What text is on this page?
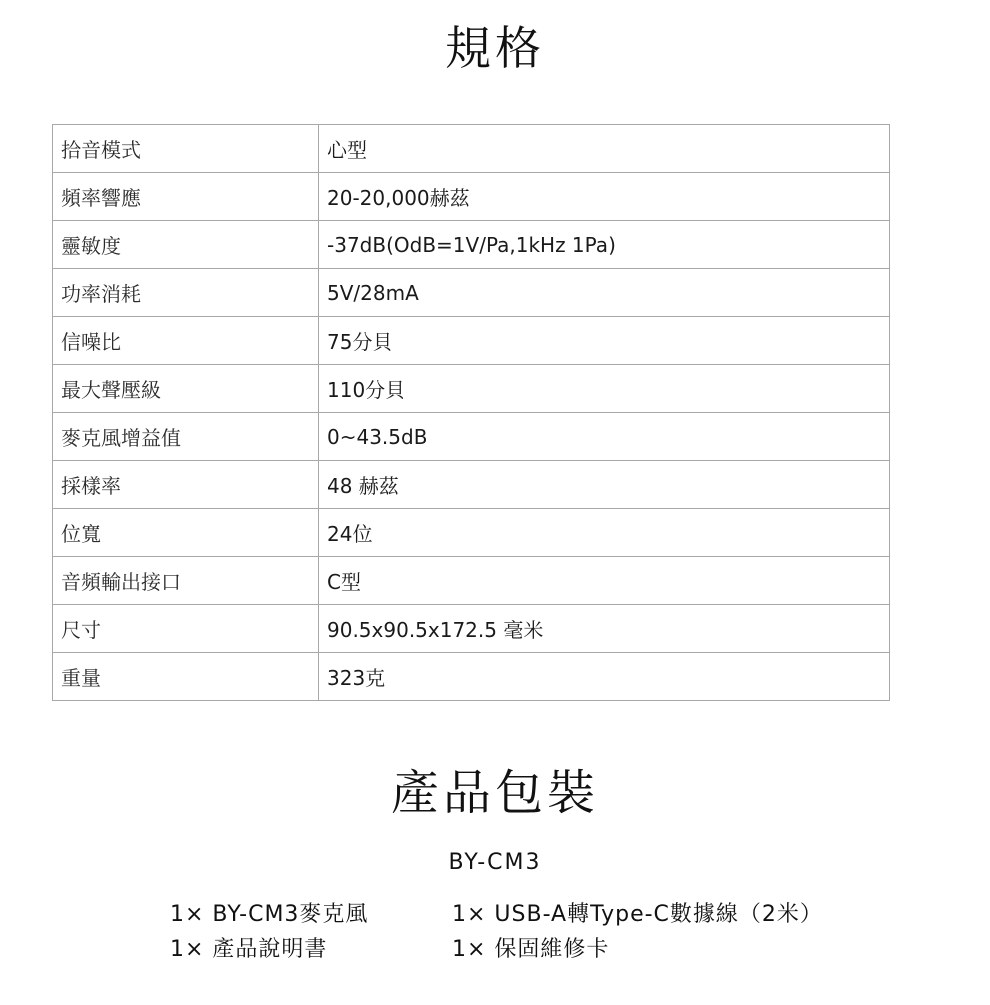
規格
拾音模式	心型
頻率響應	20-20,000赫茲
靈敏度	-37dB(OdB=1V/Pa,1kHz 1Pa)
功率消耗	5V/28mA
信噪比	75分貝
最大聲壓級	110分貝
麥克風增益值	0~43.5dB
採樣率	48 赫茲
位寬	24位
音頻輸出接口	C型
尺寸	90.5x90.5x172.5 毫米
重量	323克
產品包裝
BY-CM3
1× BY-CM3麥克風	1× USB-A轉Type-C數據線（2米）
1× 產品說明書	1× 保固維修卡
